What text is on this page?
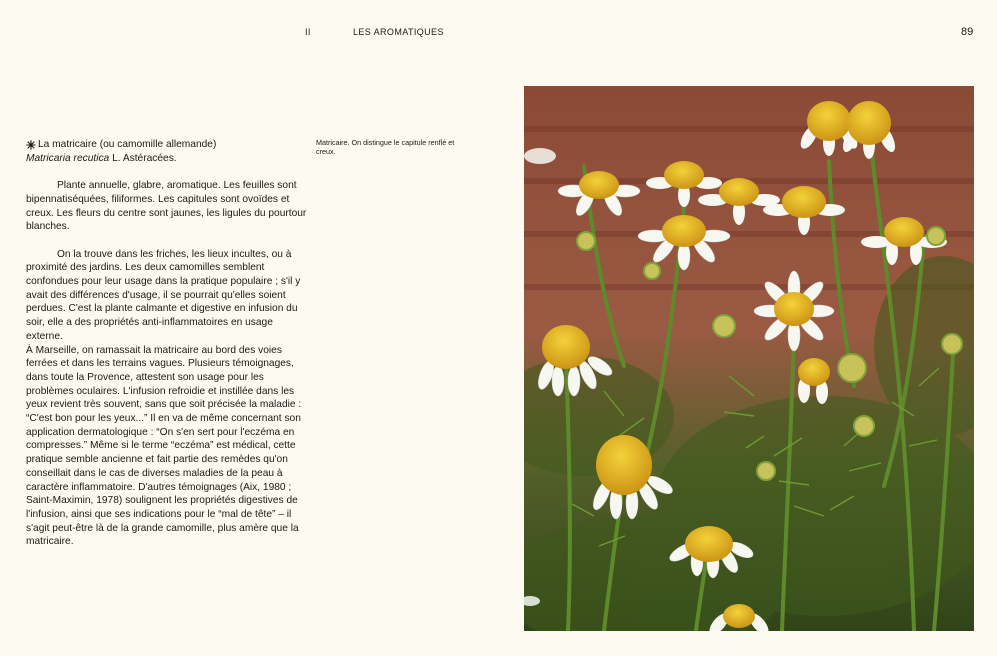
II	LES AROMATIQUES	89
La matricaire (ou camomille allemande)

Matricaria recutica L. Astéracées.

Plante annuelle, glabre, aromatique. Les feuilles sont bipennatiséquées, filiformes. Les capitules sont ovoïdes et creux. Les fleurs du centre sont jaunes, les ligules du pourtour blanches.

On la trouve dans les friches, les lieux incultes, ou à proximité des jardins. Les deux camomilles semblent confondues pour leur usage dans la pratique populaire ; s'il y avait des différences d'usage, il se pourrait qu'elles soient perdues. C'est la plante calmante et digestive en infusion du soir, elle a des propriétés anti-inflammatoires en usage externe.

À Marseille, on ramassait la matricaire au bord des voies ferrées et dans les terrains vagues. Plusieurs témoignages, dans toute la Provence, attestent son usage pour les problèmes oculaires. L'infusion refroidie et instillée dans les yeux revient très souvent, sans que soit précisée la maladie : “C'est bon pour les yeux...” Il en va de même concernant son application dermatologique : “On s'en sert pour l'eczéma en compresses.” Même si le terme “eczéma” est médical, cette pratique semble ancienne et fait partie des remèdes qu'on conseillait dans le cas de diverses maladies de la peau à caractère inflammatoire. D'autres témoignages (Aix, 1980 ; Saint-Maximin, 1978) soulignent les propriétés digestives de l'infusion, ainsi que ses indications pour le “mal de tête” – il s'agit peut-être là de la grande camomille, plus amère que la matricaire.

Matricaire. On distingue le capitule renflé et creux.
